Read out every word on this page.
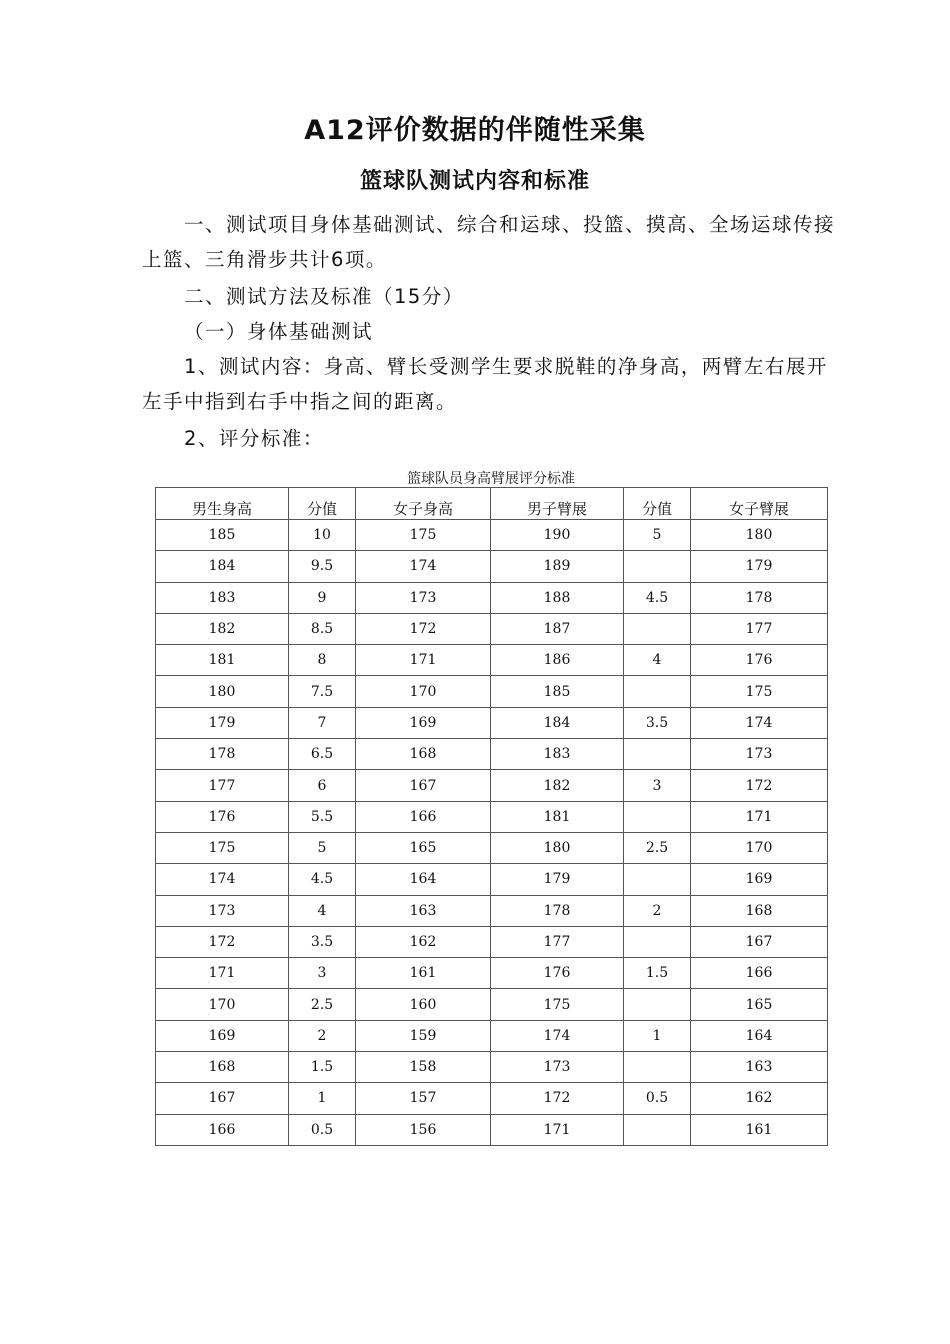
A12评价数据的伴随性采集
篮球队测试内容和标准
一、测试项目身体基础测试、综合和运球、投篮、摸高、全场运球传接上篮、三角滑步共计6项。
二、测试方法及标准（15分）
（一）身体基础测试
1、测试内容：身高、臂长受测学生要求脱鞋的净身高，两臂左右展开左手中指到右手中指之间的距离。
2、评分标准：
篮球队员身高臂展评分标准
男生身高	分值	女子身高	男子臂展	分值	女子臂展
185	10	175	190	5	180
184	9.5	174	189		179
183	9	173	188	4.5	178
182	8.5	172	187		177
181	8	171	186	4	176
180	7.5	170	185		175
179	7	169	184	3.5	174
178	6.5	168	183		173
177	6	167	182	3	172
176	5.5	166	181		171
175	5	165	180	2.5	170
174	4.5	164	179		169
173	4	163	178	2	168
172	3.5	162	177		167
171	3	161	176	1.5	166
170	2.5	160	175		165
169	2	159	174	1	164
168	1.5	158	173		163
167	1	157	172	0.5	162
166	0.5	156	171		161
